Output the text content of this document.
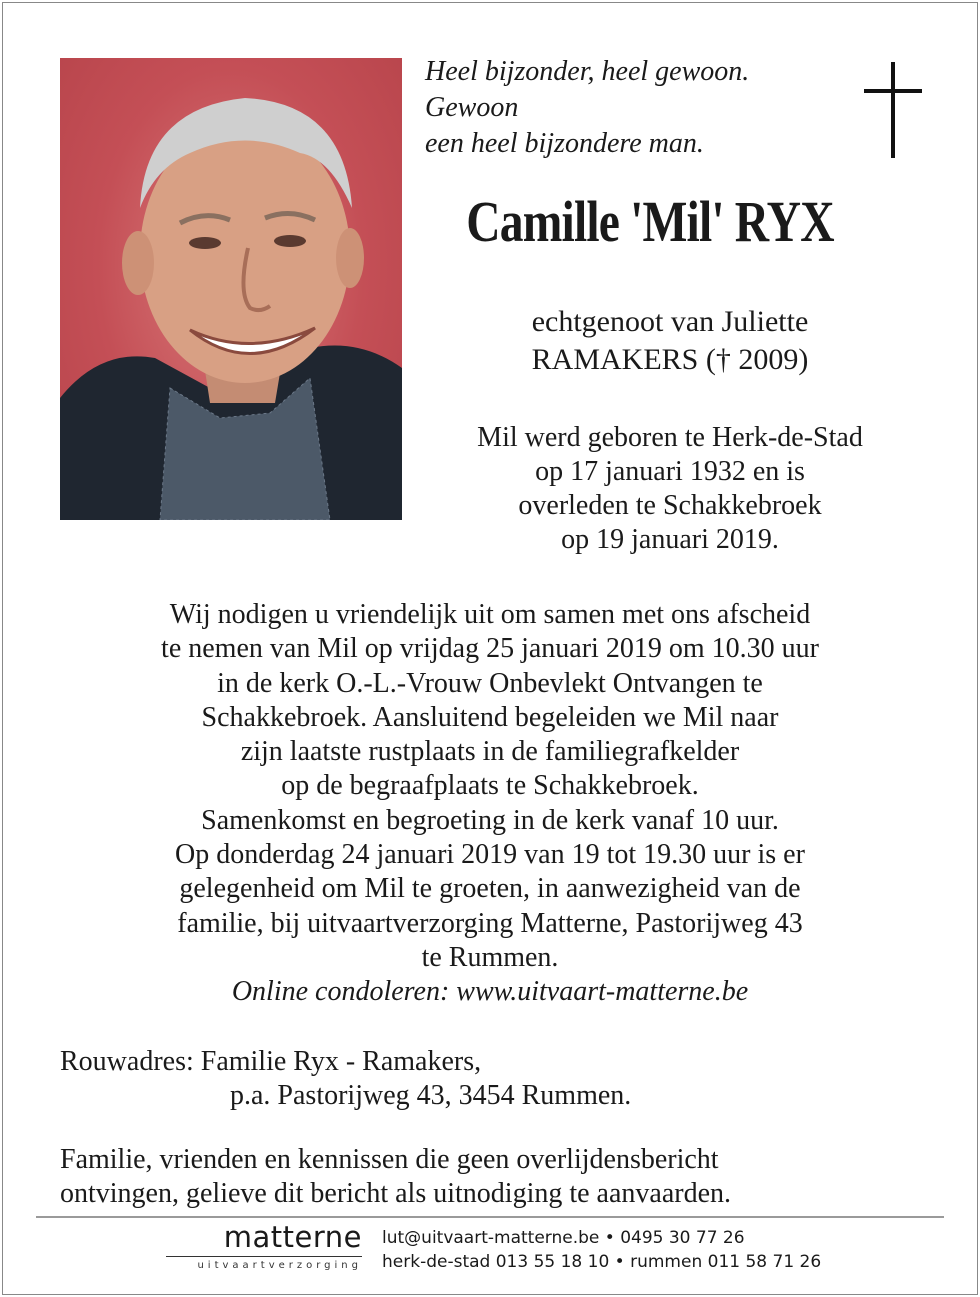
Heel bijzonder, heel gewoon.
Gewoon
een heel bijzondere man.
Camille 'Mil' RYX
echtgenoot van Juliette
RAMAKERS († 2009)
Mil werd geboren te Herk-de-Stad
op 17 januari 1932 en is
overleden te Schakkebroek
op 19 januari 2019.
Wij nodigen u vriendelijk uit om samen met ons afscheid
te nemen van Mil op vrijdag 25 januari 2019 om 10.30 uur
in de kerk O.-L.-Vrouw Onbevlekt Ontvangen te
Schakkebroek. Aansluitend begeleiden we Mil naar
zijn laatste rustplaats in de familiegrafkelder
op de begraafplaats te Schakkebroek.
Samenkomst en begroeting in de kerk vanaf 10 uur.
Op donderdag 24 januari 2019 van 19 tot 19.30 uur is er
gelegenheid om Mil te groeten, in aanwezigheid van de
familie, bij uitvaartverzorging Matterne, Pastorijweg 43
te Rummen.
Online condoleren: www.uitvaart-matterne.be
Rouwadres: Familie Ryx - Ramakers,
p.a. Pastorijweg 43, 3454 Rummen.
Familie, vrienden en kennissen die geen overlijdensbericht
ontvingen, gelieve dit bericht als uitnodiging te aanvaarden.
matterne
uitvaartverzorging
lut@uitvaart-matterne.be • 0495 30 77 26
herk-de-stad 013 55 18 10 • rummen 011 58 71 26
